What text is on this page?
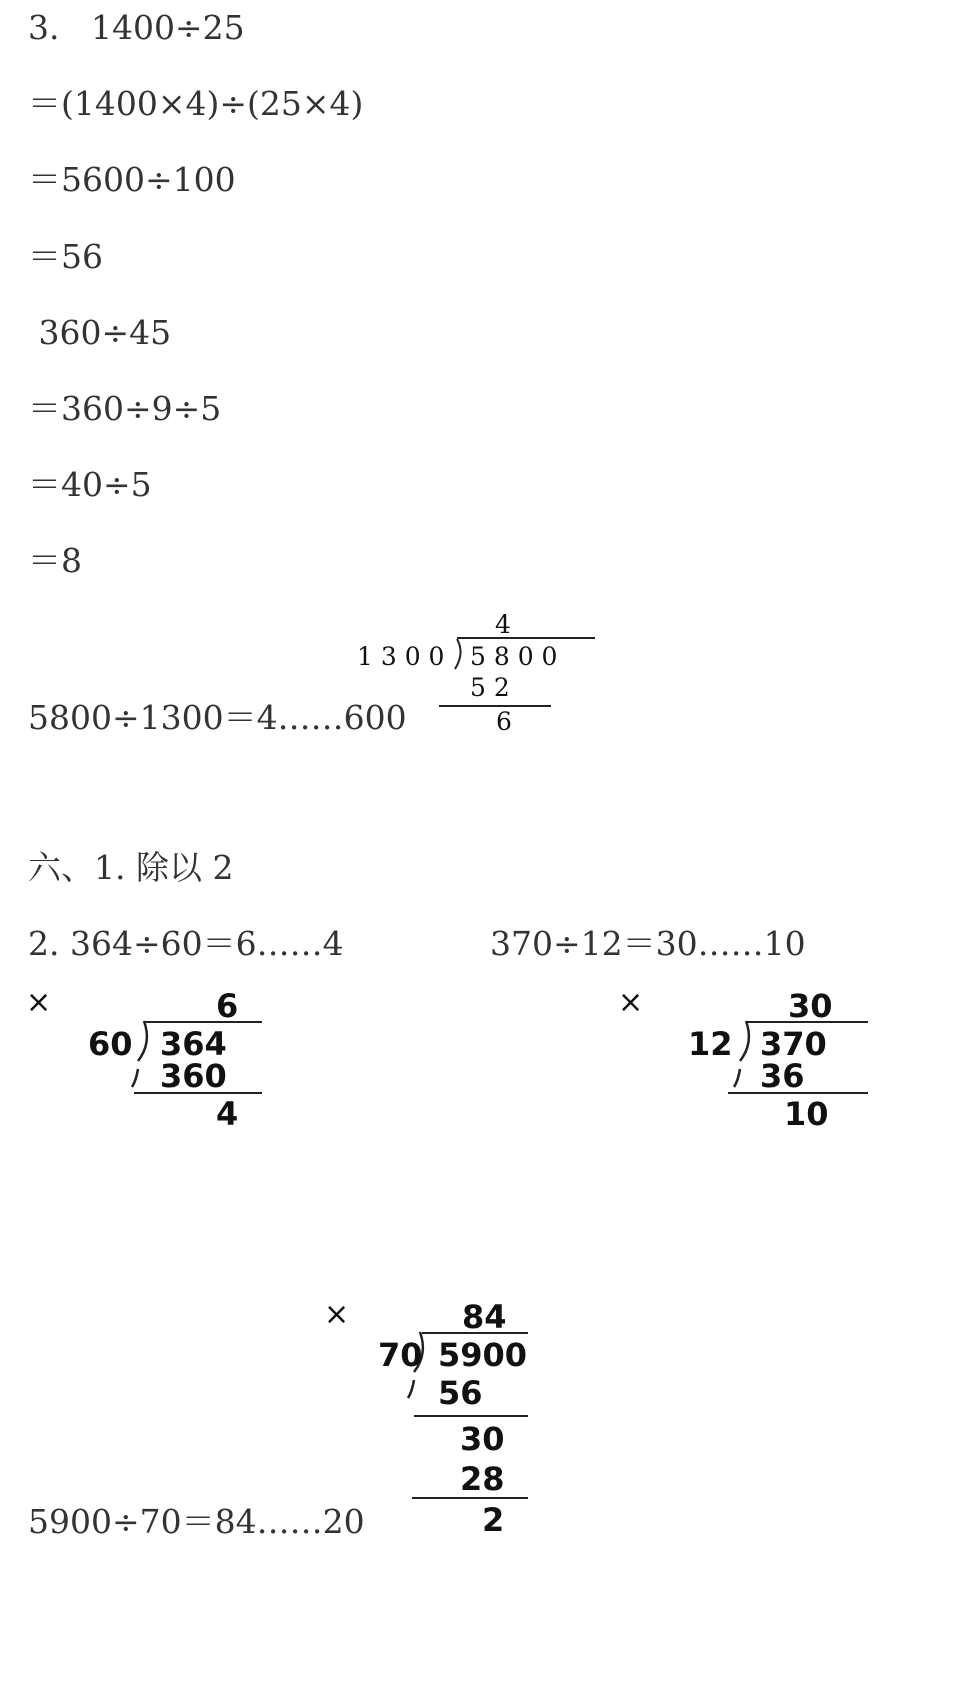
3.   1400÷25
＝(1400×4)÷(25×4)
＝5600÷100
＝56
360÷45
＝360÷9÷5
＝40÷5
＝8
5800÷1300＝4……600
六、1. 除以 2
2. 364÷60＝6……4	370÷12＝30……10
5900÷70＝84……20
4
1 3 0 0 5 8 0 0
5 2
6
×	×
×
6
60 364
360
4
30
12 370
36
10
84
70 5900
56
30
28
2
